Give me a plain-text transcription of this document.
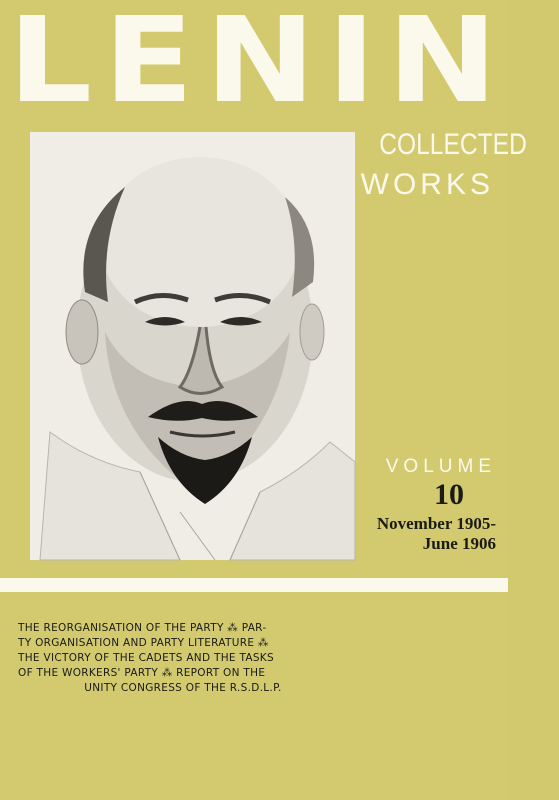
LENIN
COLLECTED
WORKS
VOLUME
10
November 1905-
June 1906
THE REORGANISATION OF THE PARTY ⁂ PAR-
TY ORGANISATION AND PARTY LITERATURE ⁂
THE VICTORY OF THE CADETS AND THE TASKS
OF THE WORKERS' PARTY ⁂ REPORT ON THE
UNITY CONGRESS OF THE R.S.D.L.P.
